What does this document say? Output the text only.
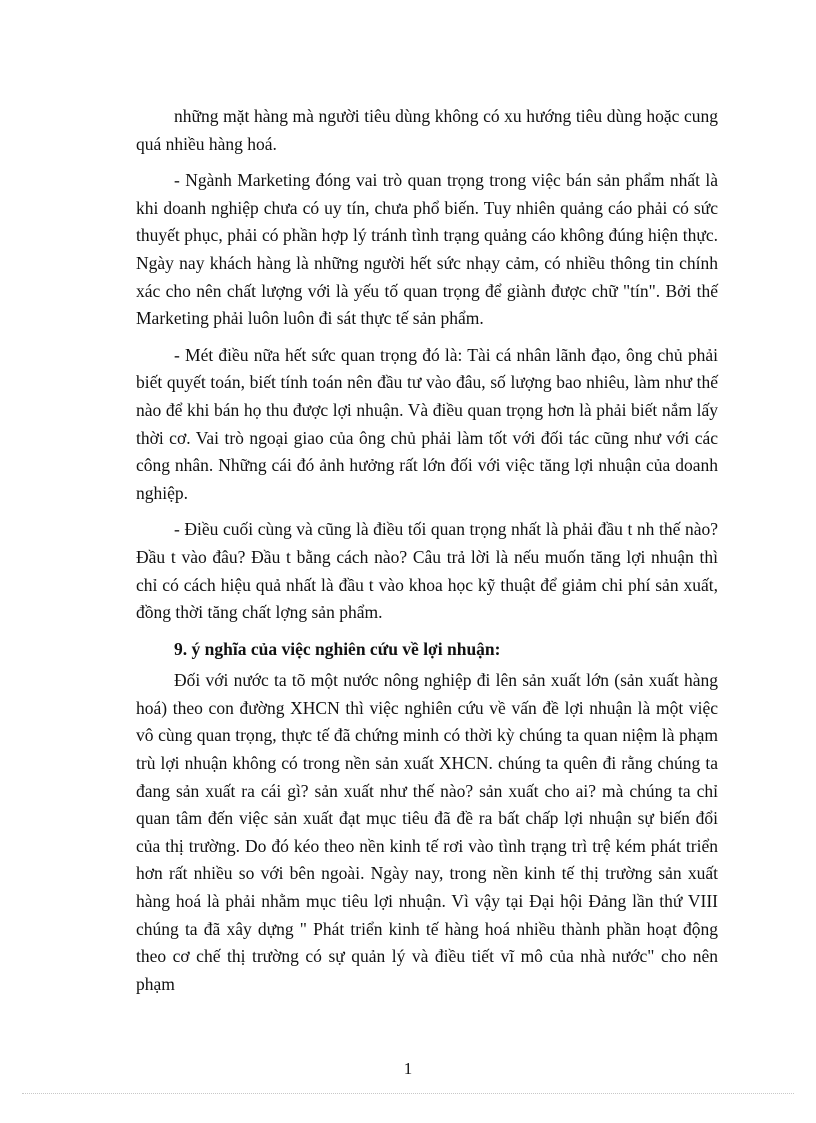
những mặt hàng mà người tiêu dùng không có xu hướng tiêu dùng hoặc cung quá nhiều hàng hoá.

- Ngành Marketing đóng vai trò quan trọng trong việc bán sản phẩm nhất là khi doanh nghiệp chưa có uy tín, chưa phổ biến. Tuy nhiên quảng cáo phải có sức thuyết phục, phải có phần hợp lý tránh tình trạng quảng cáo không đúng hiện thực. Ngày nay khách hàng là những người hết sức nhạy cảm, có nhiều thông tin chính xác cho nên chất lượng với là yếu tố quan trọng để giành được chữ "tín". Bởi thế Marketing phải luôn luôn đi sát thực tế sản phẩm.

- Mét điều nữa hết sức quan trọng đó là: Tài cá nhân lãnh đạo, ông chủ phải biết quyết toán, biết tính toán nên đầu tư vào đâu, số lượng bao nhiêu, làm như thế nào để khi bán họ thu được lợi nhuận. Và điều quan trọng hơn là phải biết nắm lấy thời cơ. Vai trò ngoại giao của ông chủ phải làm tốt với đối tác cũng như với các công nhân. Những cái đó ảnh hưởng rất lớn đối với việc tăng lợi nhuận của doanh nghiệp.

- Điều cuối cùng và cũng là điều tối quan trọng nhất là phải đầu t nh thế nào?Đầu t vào đâu? Đầu t bằng cách nào? Câu trả lời là nếu muốn tăng lợi nhuận thì chỉ có cách hiệu quả nhất là đầu t vào khoa học kỹ thuật để giảm chi phí sản xuất, đồng thời tăng chất lợng sản phẩm.

9. ý nghĩa của việc nghiên cứu về lợi nhuận:

Đối với nước ta tõ một nước nông nghiệp đi lên sản xuất lớn (sản xuất hàng hoá) theo con đường XHCN thì việc nghiên cứu về vấn đề lợi nhuận là một việc vô cùng quan trọng, thực tế đã chứng minh có thời kỳ chúng ta quan niệm là phạm trù lợi nhuận không có trong nền sản xuất XHCN. chúng ta quên đi rằng chúng ta đang sản xuất ra cái gì? sản xuất như thế nào? sản xuất cho ai? mà chúng ta chỉ quan tâm đến việc sản xuất đạt mục tiêu đã đề ra bất chấp lợi nhuận sự biến đổi của thị trường. Do đó kéo theo nền kinh tế rơi vào tình trạng trì trệ kém phát triển hơn rất nhiều so với bên ngoài. Ngày nay, trong nền kinh tế thị trường sản xuất hàng hoá là phải nhằm mục tiêu lợi nhuận. Vì vậy tại Đại hội Đảng lần thứ VIII chúng ta đã xây dựng " Phát triển kinh tế hàng hoá nhiều thành phần hoạt động theo cơ chế thị trường có sự quản lý và điều tiết vĩ mô của nhà nước" cho nên phạm

1
